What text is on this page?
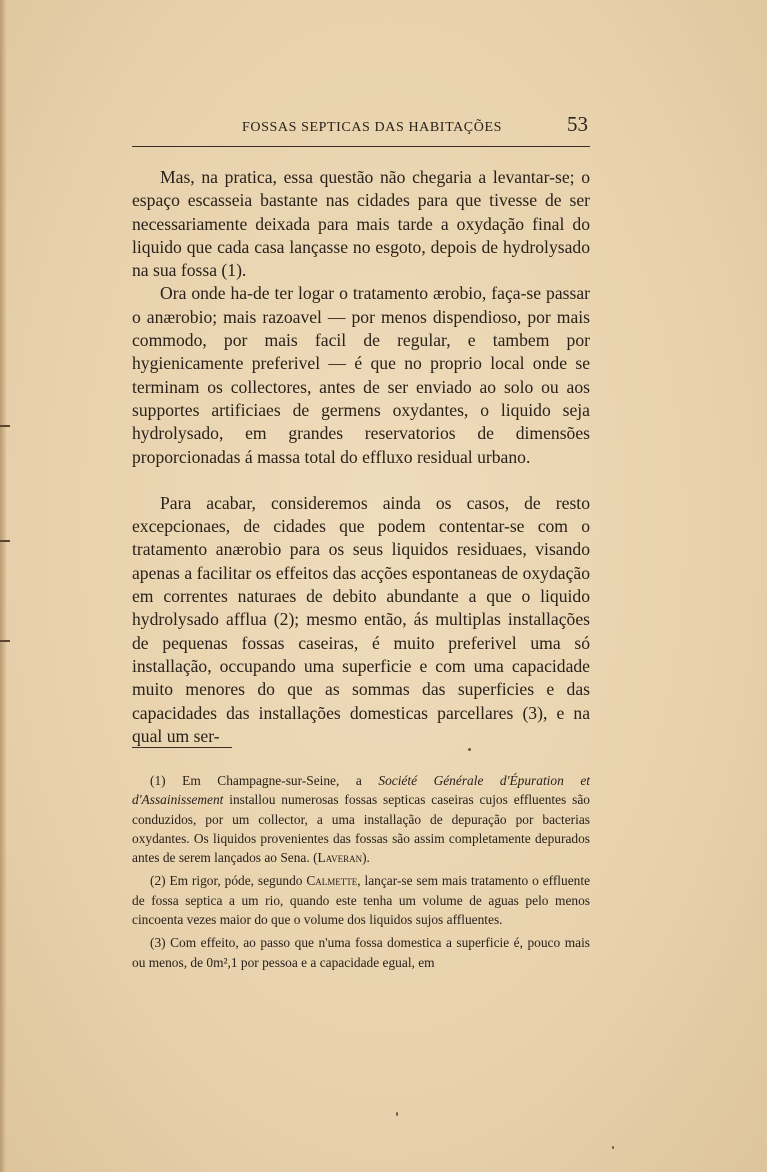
FOSSAS SEPTICAS DAS HABITAÇÕES	53

Mas, na pratica, essa questão não chegaria a levantar-se; o espaço escasseia bastante nas cidades para que tivesse de ser necessariamente deixada para mais tarde a oxydação final do liquido que cada casa lançasse no esgoto, depois de hydrolysado na sua fossa (1).

Ora onde ha-de ter logar o tratamento ærobio, faça-se passar o anærobio; mais razoavel — por menos dispendioso, por mais commodo, por mais facil de regular, e tambem por hygienicamente preferivel — é que no proprio local onde se terminam os collectores, antes de ser enviado ao solo ou aos supportes artificiaes de germens oxydantes, o liquido seja hydrolysado, em grandes reservatorios de dimensões proporcionadas á massa total do effluxo residual urbano.

Para acabar, consideremos ainda os casos, de resto excepcionaes, de cidades que podem contentar-se com o tratamento anærobio para os seus liquidos residuaes, visando apenas a facilitar os effeitos das acções espontaneas de oxydação em correntes naturaes de debito abundante a que o liquido hydrolysado afflua (2); mesmo então, ás multiplas installações de pequenas fossas caseiras, é muito preferivel uma só installação, occupando uma superficie e com uma capacidade muito menores do que as sommas das superficies e das capacidades das installações domesticas parcellares (3), e na qual um ser-

(1) Em Champagne-sur-Seine, a Société Générale d'Épuration et d'Assainissement installou numerosas fossas septicas caseiras cujos effluentes são conduzidos, por um collector, a uma installação de depuração por bacterias oxydantes. Os liquidos provenientes das fossas são assim completamente depurados antes de serem lançados ao Sena. (Laveran).

(2) Em rigor, póde, segundo Calmette, lançar-se sem mais tratamento o effluente de fossa septica a um rio, quando este tenha um volume de aguas pelo menos cincoenta vezes maior do que o volume dos liquidos sujos affluentes.

(3) Com effeito, ao passo que n'uma fossa domestica a superficie é, pouco mais ou menos, de 0m²,1 por pessoa e a capacidade egual, em
